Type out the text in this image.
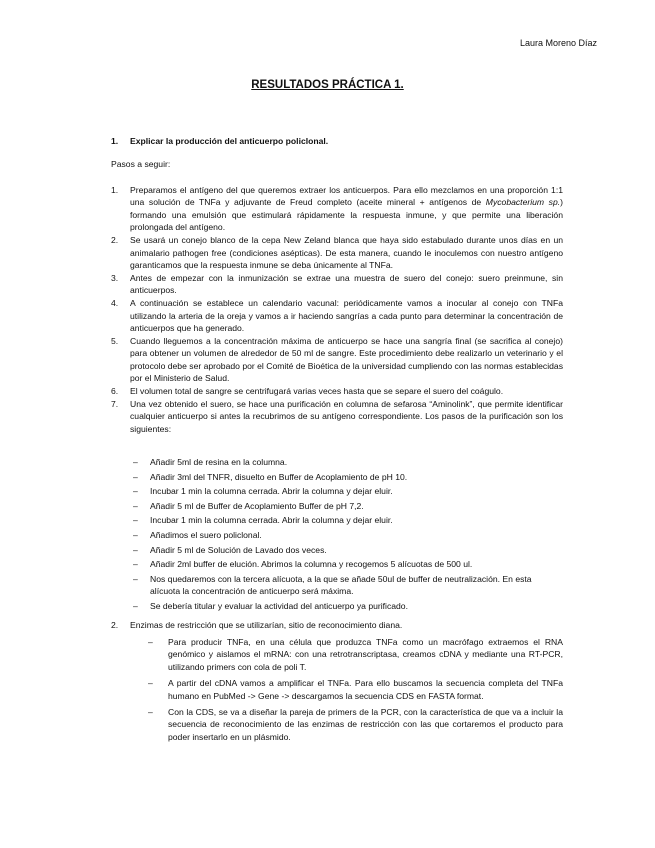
Laura Moreno Díaz
RESULTADOS PRÁCTICA 1.
1. Explicar la producción del anticuerpo policlonal.
Pasos a seguir:
1.	Preparamos el antígeno del que queremos extraer los anticuerpos. Para ello mezclamos en una proporción 1:1 una solución de TNFa y adjuvante de Freud completo (aceite mineral + antígenos de Mycobacterium sp.) formando una emulsión que estimulará rápidamente la respuesta inmune, y que permite una liberación prolongada del antígeno.
2.	Se usará un conejo blanco de la cepa New Zeland blanca que haya sido estabulado durante unos días en un animalario pathogen free (condiciones asépticas). De esta manera, cuando le inoculemos con nuestro antígeno garanticamos que la respuesta inmune se deba únicamente al TNFa.
3.	Antes de empezar con la inmunización se extrae una muestra de suero del conejo: suero preinmune, sin anticuerpos.
4.	A continuación se establece un calendario vacunal: periódicamente vamos a inocular al conejo con TNFa utilizando la arteria de la oreja y vamos a ir haciendo sangrías a cada punto para determinar la concentración de anticuerpos que ha generado.
5.	Cuando lleguemos a la concentración máxima de anticuerpo se hace una sangría final (se sacrifica al conejo) para obtener un volumen de alrededor de 50 ml de sangre. Este procedimiento debe realizarlo un veterinario y el protocolo debe ser aprobado por el Comité de Bioética de la universidad cumpliendo con las normas establecidas por el Ministerio de Salud.
6.	El volumen total de sangre se centrifugará varias veces hasta que se separe el suero del coágulo.
7.	Una vez obtenido el suero, se hace una purificación en columna de sefarosa “Aminolink”, que permite identificar cualquier anticuerpo si antes la recubrimos de su antígeno correspondiente. Los pasos de la purificación son los siguientes:
–	Añadir 5ml de resina en la columna.
–	Añadir 3ml del TNFR, disuelto en Buffer de Acoplamiento de pH 10.
–	Incubar 1 min la columna cerrada. Abrir la columna y dejar eluir.
–	Añadir 5 ml de Buffer de Acoplamiento Buffer de pH 7,2.
–	Incubar 1 min la columna cerrada. Abrir la columna y dejar eluir.
–	Añadimos el suero policlonal.
–	Añadir 5 ml de Solución de Lavado dos veces.
–	Añadir 2ml buffer de elución. Abrimos la columna y recogemos 5 alícuotas de 500 ul.
–	Nos quedaremos con la tercera alícuota, a la que se añade 50ul de buffer de neutralización. En esta alícuota la concentración de anticuerpo será máxima.
–	Se debería titular y evaluar la actividad del anticuerpo ya purificado.
2. Enzimas de restricción que se utilizarían, sitio de reconocimiento diana.
–	Para producir TNFa, en una célula que produzca TNFa como un macrófago extraemos el RNA genómico y aislamos el mRNA: con una retrotranscriptasa, creamos cDNA y mediante una RT-PCR, utilizando primers con cola de poli T.
–	A partir del cDNA vamos a amplificar el TNFa. Para ello buscamos la secuencia completa del TNFa humano en PubMed -> Gene -> descargamos la secuencia CDS en FASTA format.
–	Con la CDS, se va a diseñar la pareja de primers de la PCR, con la característica de que va a incluir la secuencia de reconocimiento de las enzimas de restricción con las que cortaremos el producto para poder insertarlo en un plásmido.
